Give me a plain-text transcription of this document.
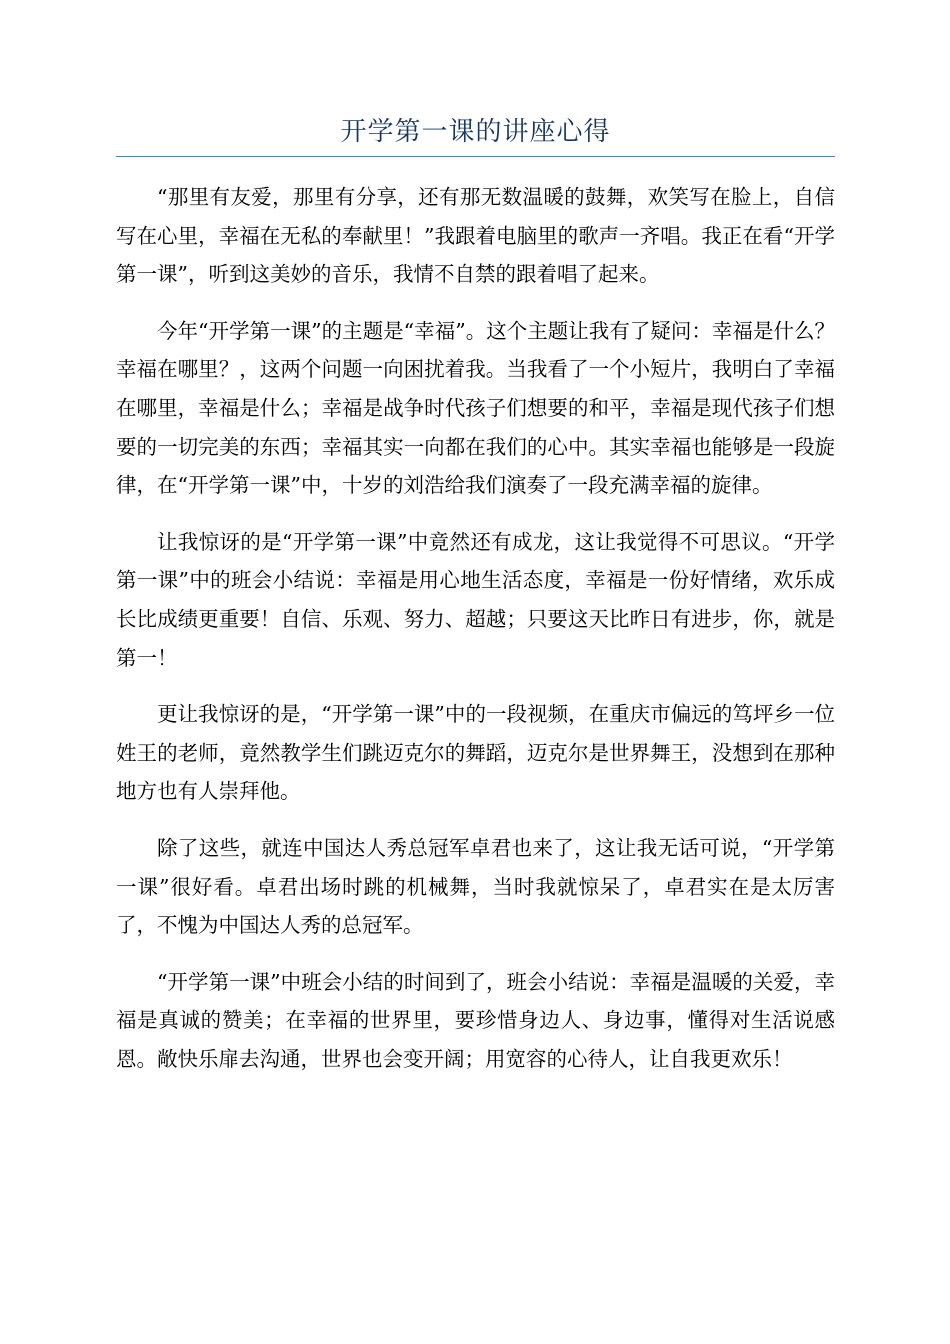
开学第一课的讲座心得

“那里有友爱，那里有分享，还有那无数温暖的鼓舞，欢笑写在脸上，自信写在心里，幸福在无私的奉献里！”我跟着电脑里的歌声一齐唱。我正在看“开学第一课”，听到这美妙的音乐，我情不自禁的跟着唱了起来。

今年“开学第一课”的主题是“幸福”。这个主题让我有了疑问：幸福是什么？幸福在哪里？，这两个问题一向困扰着我。当我看了一个小短片，我明白了幸福在哪里，幸福是什么；幸福是战争时代孩子们想要的和平，幸福是现代孩子们想要的一切完美的东西；幸福其实一向都在我们的心中。其实幸福也能够是一段旋律，在“开学第一课”中，十岁的刘浩给我们演奏了一段充满幸福的旋律。

让我惊讶的是“开学第一课”中竟然还有成龙，这让我觉得不可思议。“开学第一课”中的班会小结说：幸福是用心地生活态度，幸福是一份好情绪，欢乐成长比成绩更重要！自信、乐观、努力、超越；只要这天比昨日有进步，你，就是第一！

更让我惊讶的是，“开学第一课”中的一段视频，在重庆市偏远的笃坪乡一位姓王的老师，竟然教学生们跳迈克尔的舞蹈，迈克尔是世界舞王，没想到在那种地方也有人崇拜他。

除了这些，就连中国达人秀总冠军卓君也来了，这让我无话可说，“开学第一课”很好看。卓君出场时跳的机械舞，当时我就惊呆了，卓君实在是太厉害了，不愧为中国达人秀的总冠军。

“开学第一课”中班会小结的时间到了，班会小结说：幸福是温暖的关爱，幸福是真诚的赞美；在幸福的世界里，要珍惜身边人、身边事，懂得对生活说感恩。敞快乐扉去沟通，世界也会变开阔；用宽容的心待人，让自我更欢乐！
